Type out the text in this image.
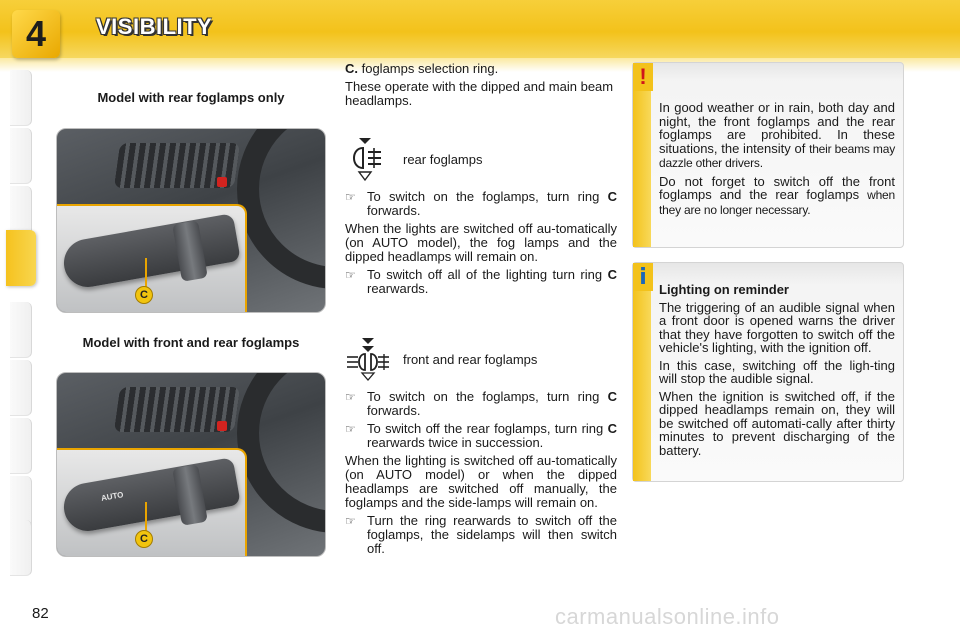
4	VISIBILITY
82
Model with rear foglamps only
C
Model with front and rear foglamps
AUTO
C

C. foglamps selection ring.

These operate with the dipped and main beam headlamps.

rear foglamps
☞ To switch on the foglamps, turn ring C forwards.

When the lights are switched off au-tomatically (on AUTO model), the fog lamps and the dipped headlamps will remain on.

☞ To switch off all of the lighting turn ring C rearwards.
front and rear foglamps
☞ To switch on the foglamps, turn ring C forwards.
☞ To switch off the rear foglamps, turn ring C rearwards twice in succession.

When the lighting is switched off au-tomatically (on AUTO model) or when the dipped headlamps are switched off manually, the foglamps and the side-lamps will remain on.

☞ Turn the ring rearwards to switch off the foglamps, the sidelamps will then switch off.
!

In good weather or in rain, both day and night, the front foglamps and the rear foglamps are prohibited. In these situations, the intensity of their beams may dazzle other drivers.

Do not forget to switch off the front foglamps and the rear foglamps when they are no longer necessary.

i Lighting on reminder

The triggering of an audible signal when a front door is opened warns the driver that they have forgotten to switch off the vehicle's lighting, with the ignition off.

In this case, switching off the ligh-ting will stop the audible signal.

When the ignition is switched off, if the dipped headlamps remain on, they will be switched off automati-cally after thirty minutes to prevent discharging of the battery.

carmanualsonline.info
